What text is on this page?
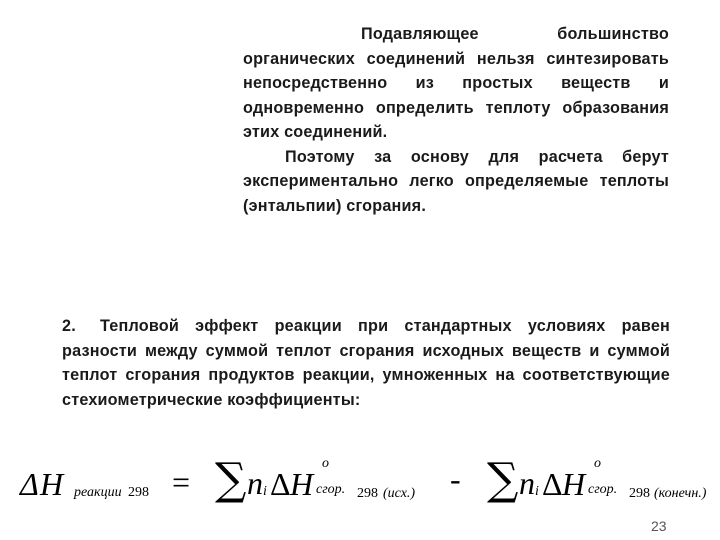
Подавляющее большинство органических соединений нельзя синтезировать непосредственно из простых веществ и одновременно определить теплоту образования этих соединений.

Поэтому за основу для расчета берут экспериментально легко определяемые теплоты (энтальпии) сгорания.

2. Тепловой эффект реакции при стандартных условиях равен разности между суммой теплот сгорания исходных веществ и суммой теплот сгорания продуктов реакции, умноженных на соответствующие стехиометрические коэффициенты:

Δ H реакции 298 = ∑ n i Δ H
o
сгор. 298 (исх.) - ∑ n i Δ H
o
сгор. 298 (конечн.)
23
